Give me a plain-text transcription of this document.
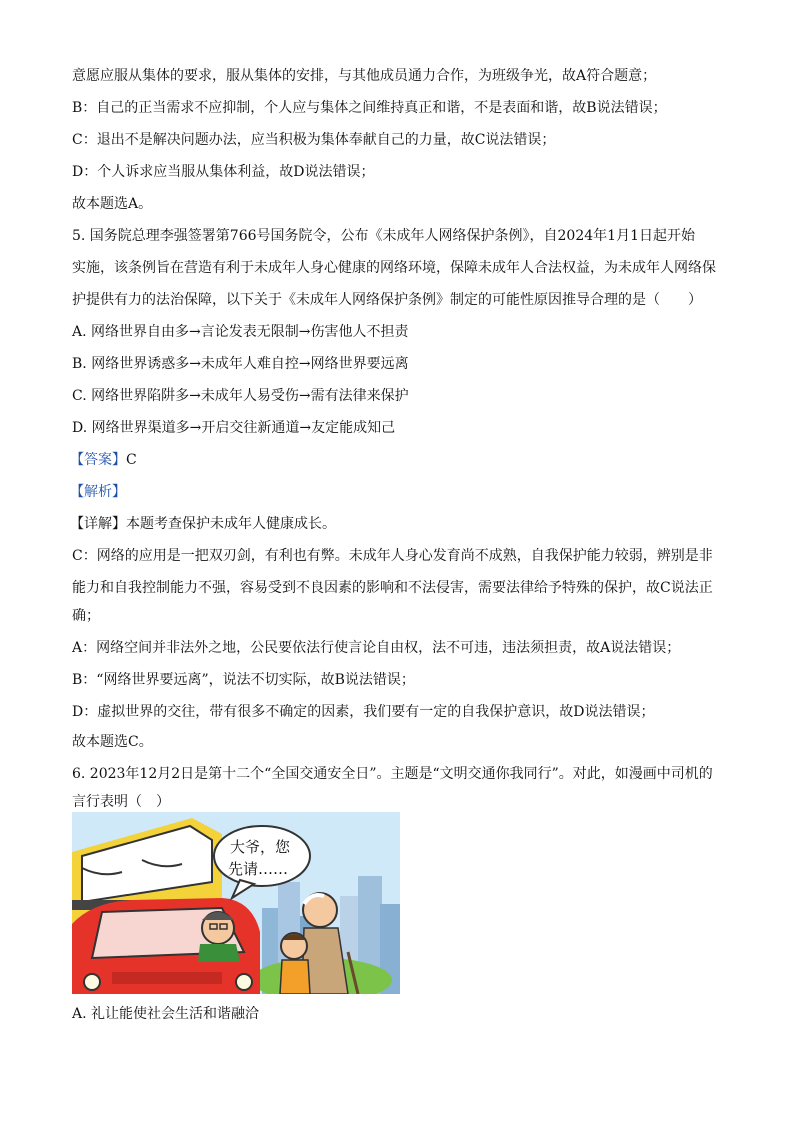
意愿应服从集体的要求，服从集体的安排，与其他成员通力合作，为班级争光，故A符合题意；
B：自己的正当需求不应抑制，个人应与集体之间维持真正和谐，不是表面和谐，故B说法错误；
C：退出不是解决问题办法，应当积极为集体奉献自己的力量，故C说法错误；
D：个人诉求应当服从集体利益，故D说法错误；
故本题选A。
5. 国务院总理李强签署第766号国务院令，公布《未成年人网络保护条例》，自2024年1月1日起开始
实施，该条例旨在营造有利于未成年人身心健康的网络环境，保障未成年人合法权益，为未成年人网络保
护提供有力的法治保障，以下关于《未成年人网络保护条例》制定的可能性原因推导合理的是（　　）
A. 网络世界自由多→言论发表无限制→伤害他人不担责
B. 网络世界诱惑多→未成年人难自控→网络世界要远离
C. 网络世界陷阱多→未成年人易受伤→需有法律来保护
D. 网络世界渠道多→开启交往新通道→友定能成知己
【答案】C
【解析】
【详解】本题考查保护未成年人健康成长。
C：网络的应用是一把双刃剑，有利也有弊。未成年人身心发育尚不成熟，自我保护能力较弱，辨别是非
能力和自我控制能力不强，容易受到不良因素的影响和不法侵害，需要法律给予特殊的保护，故C说法正
确；
A：网络空间并非法外之地，公民要依法行使言论自由权，法不可违，违法须担责，故A说法错误；
B：“网络世界要远离”，说法不切实际，故B说法错误；
D：虚拟世界的交往，带有很多不确定的因素，我们要有一定的自我保护意识，故D说法错误；
故本题选C。
6. 2023年12月2日是第十二个“全国交通安全日”。主题是“文明交通你我同行”。对此，如漫画中司机的
言行表明（　）
大爷，您
先请……
A. 礼让能使社会生活和谐融洽
